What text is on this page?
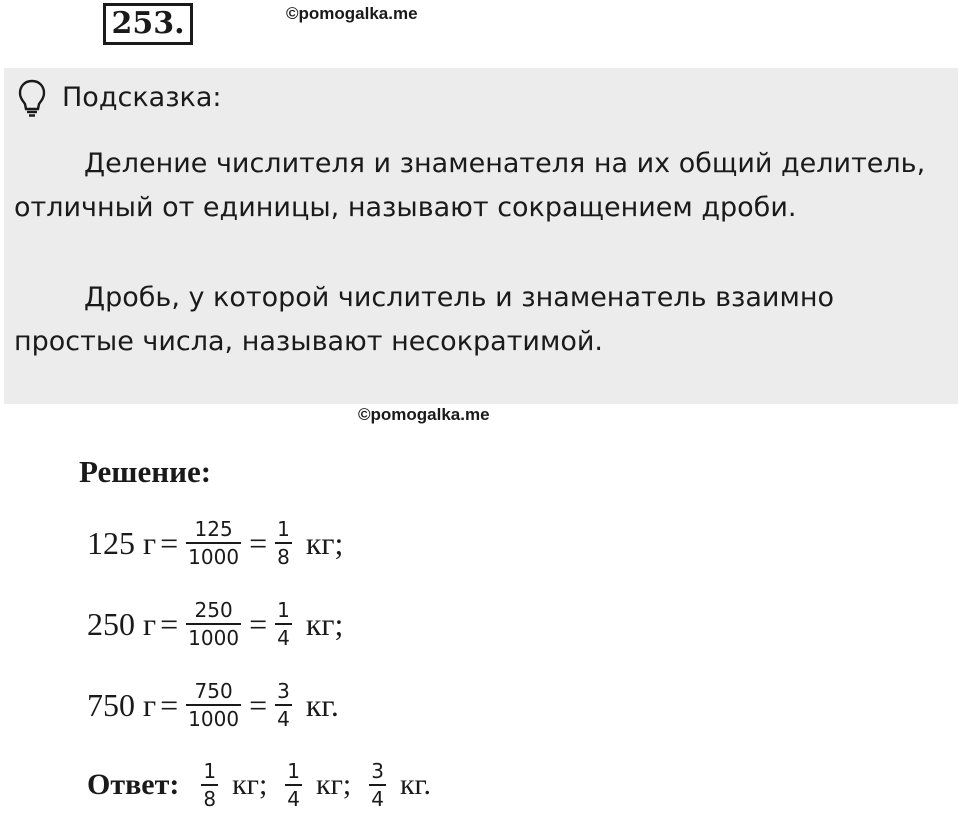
253.	©pomogalka.me
Подсказка:
Деление числителя и знаменателя на их общий делитель, отличный от единицы, называют сокращением дроби.
Дробь, у которой числитель и знаменатель взаимно простые числа, называют несократимой.
©pomogalka.me
Решение:
125 $г = \frac{125}{1000} = \frac{1}{8}$ кг;
250 $г = \frac{250}{1000} = \frac{1}{4}$ кг;
750 $г = \frac{750}{1000} = \frac{3}{4}$ кг.
Ответ: $\frac{1}{8}$ кг; $\frac{1}{4}$ кг; $\frac{3}{4}$ кг.
